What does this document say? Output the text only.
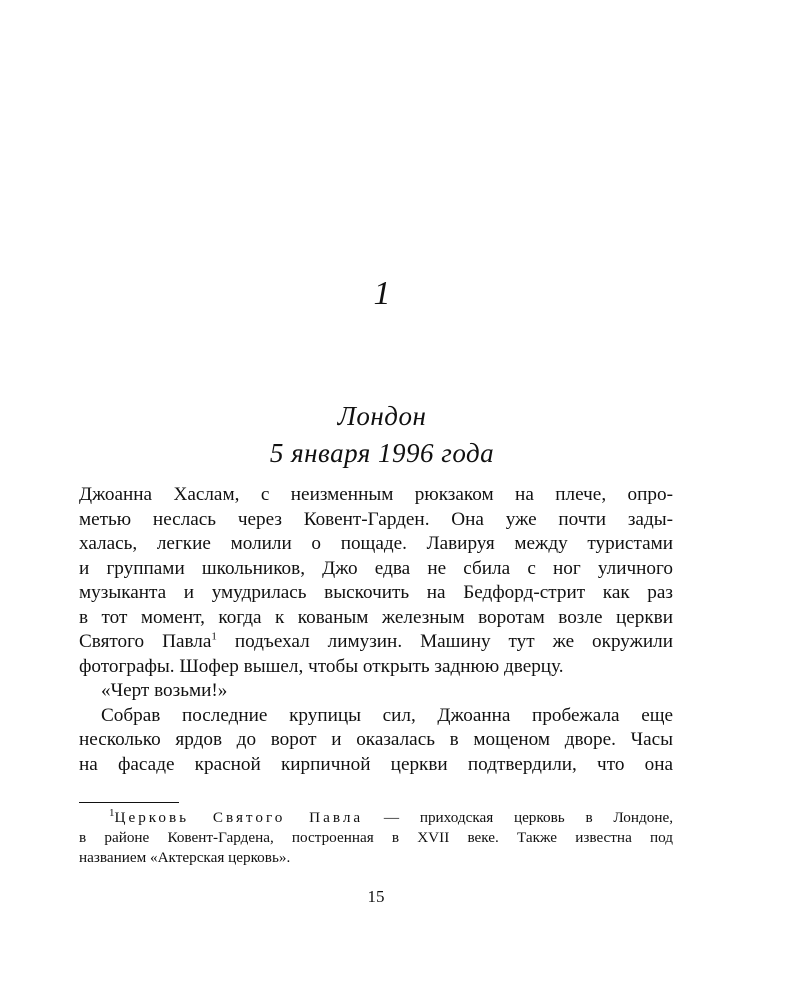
1
Лондон
5 января 1996 года
Джоанна Хаслам, с неизменным рюкзаком на плече, опро-
метью неслась через Ковент-Гарден. Она уже почти зады-
халась, легкие молили о пощаде. Лавируя между туристами
и группами школьников, Джо едва не сбила с ног уличного
музыканта и умудрилась выскочить на Бедфорд-стрит как раз
в тот момент, когда к кованым железным воротам возле церкви
Святого Павла$^1$ подъехал лимузин. Машину тут же окружили
фотографы. Шофер вышел, чтобы открыть заднюю дверцу.
«Черт возьми!»
Собрав последние крупицы сил, Джоанна пробежала еще
несколько ярдов до ворот и оказалась в мощеном дворе. Часы
на фасаде красной кирпичной церкви подтвердили, что она
$^1$Церковь Святого Павла — приходская церковь в Лондоне,
в районе Ковент-Гардена, построенная в XVII веке. Также известна под
названием «Актерская церковь».
15
